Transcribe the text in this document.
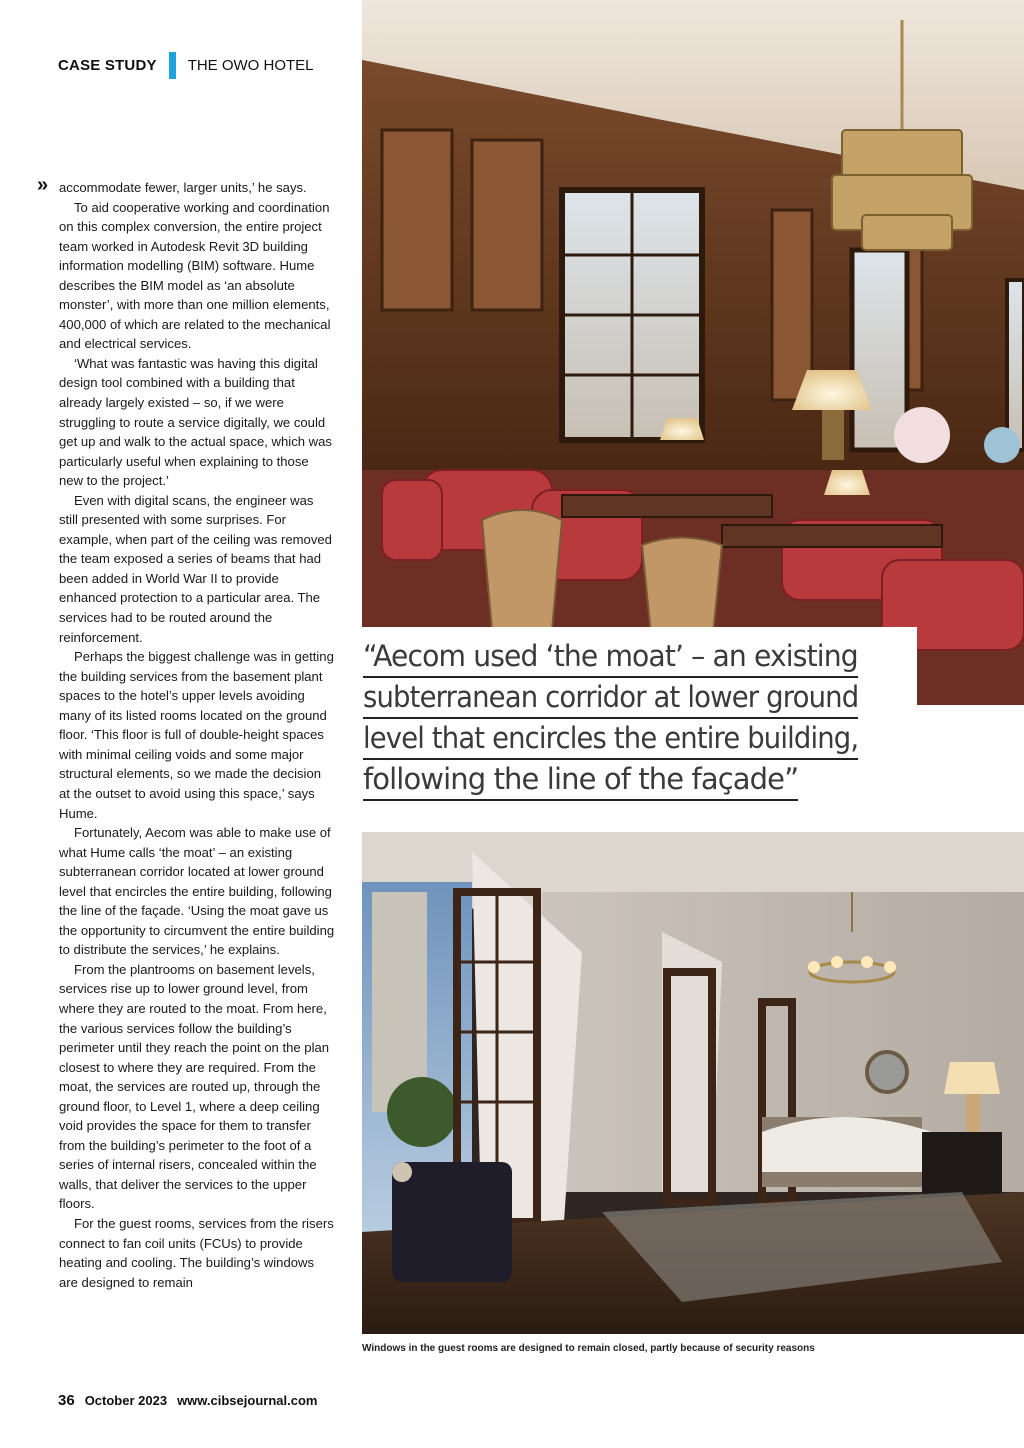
CASE STUDY THE OWO HOTEL
» accommodate fewer, larger units,’ he says.

To aid cooperative working and coordination on this complex conversion, the entire project team worked in Autodesk Revit 3D building information modelling (BIM) software. Hume describes the BIM model as ‘an absolute monster’, with more than one million elements, 400,000 of which are related to the mechanical and electrical services.

‘What was fantastic was having this digital design tool combined with a building that already largely existed – so, if we were struggling to route a service digitally, we could get up and walk to the actual space, which was particularly useful when explaining to those new to the project.’

Even with digital scans, the engineer was still presented with some surprises. For example, when part of the ceiling was removed the team exposed a series of beams that had been added in World War II to provide enhanced protection to a particular area. The services had to be routed around the reinforcement.

Perhaps the biggest challenge was in getting the building services from the basement plant spaces to the hotel’s upper levels avoiding many of its listed rooms located on the ground floor. ‘This floor is full of double-height spaces with minimal ceiling voids and some major structural elements, so we made the decision at the outset to avoid using this space,’ says Hume.

Fortunately, Aecom was able to make use of what Hume calls ‘the moat’ – an existing subterranean corridor located at lower ground level that encircles the entire building, following the line of the façade. ‘Using the moat gave us the opportunity to circumvent the entire building to distribute the services,’ he explains.

From the plantrooms on basement levels, services rise up to lower ground level, from where they are routed to the moat. From here, the various services follow the building’s perimeter until they reach the point on the plan closest to where they are required. From the moat, the services are routed up, through the ground floor, to Level 1, where a deep ceiling void provides the space for them to transfer from the building’s perimeter to the foot of a series of internal risers, concealed within the walls, that deliver the services to the upper floors.

For the guest rooms, services from the risers connect to fan coil units (FCUs) to provide heating and cooling. The building’s windows are designed to remain

“Aecom used ‘the moat’ – an existing
subterranean corridor at lower ground
level that encircles the entire building,
following the line of the façade”
Windows in the guest rooms are designed to remain closed, partly because of security reasons
36 October 2023 www.cibsejournal.com
